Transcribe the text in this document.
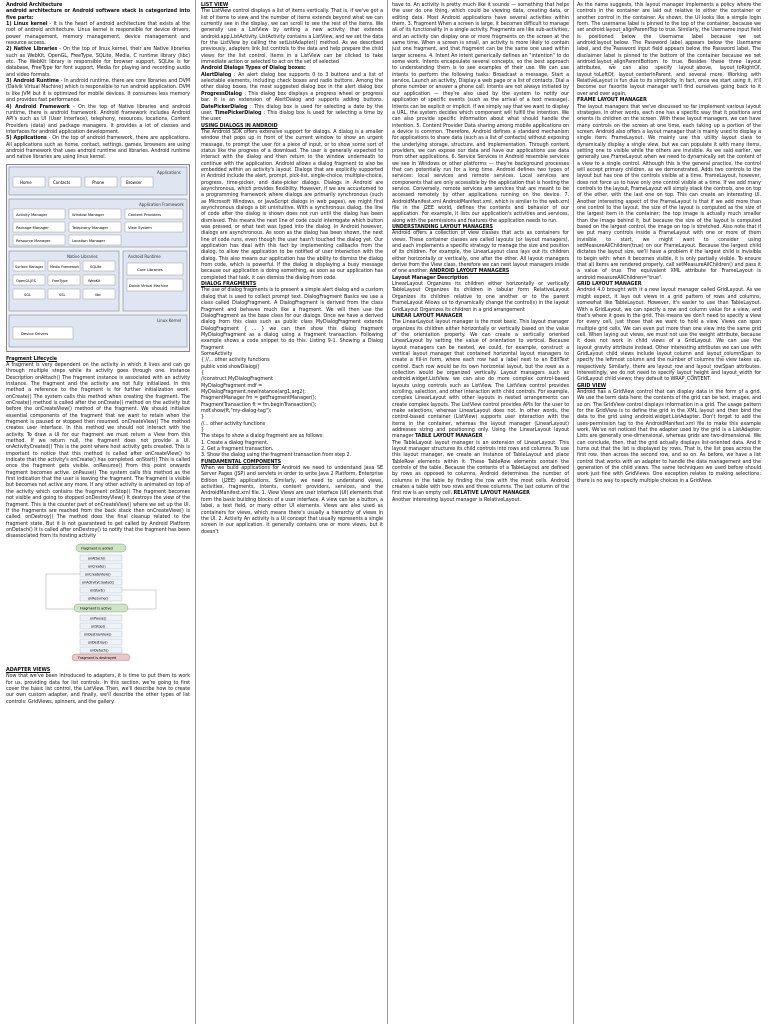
Android Architecture

android architecture or Android software stack is categorized into five parts:

1) Linux kernel - It is the heart of android architecture that exists at the root of android architecture. Linux kernel is responsible for device drivers, power management, memory management, device management and resource access.

2) Native Libraries - On the top of linux kernel, their are Native libraries such as WebKit, OpenGL, FreeType, SQLite, Media, C runtime library (libc) etc. The WebKit library is responsible for browser support, SQLite is for database, FreeType for font support, Media for playing and recording audio and video formats.

3) Android Runtime - In android runtime, there are core libraries and DVM (Dalvik Virtual Machine) which is responsible to run android application. DVM is like JVM but it is optimized for mobile devices. It consumes less memory and provides fast performance.

4) Android Framework - On the top of Native libraries and android runtime, there is android framework. Android framework includes Android API's such as UI (User Interface), telephony, resources, locations, Content Providers (data) and package managers. It provides a lot of classes and interfaces for android application development.

5) Applications - On the top of android framework, there are applications. All applications such as home, contact, settings, games, browsers are using android framework that uses android runtime and libraries. Android runtime and native libraries are using linux kernel.

Applications
Home	Contacts	Phone	Browser
Application Framework
Activity Manager	Window Manager	Content Providers
Package Manager	Telephony Manager	View System
Resource Manager	Location Manager
Native Libraries
Surface Manager Media Framework	SQLite
OpenGL|ES	FreeType	WebKit
SGL	SSL	libc
Android Runtime
Core Libraries
Dalvik Virtual Machine
Linux Kernel
Device Drivers

Fragment Lifecycle

A fragment is very dependent on the activity in which it lives and can go through multiple steps while its activity goes through one. Instance Description onAttach() The fragment instance is associated with an activity instance. The fragment and the activity are not fully initialized. In this method a reference to the fragment is for further initialization work. onCreate() The system calls this method when creating the fragment. The onCreate() method is called after the onCreate() method on the activity but before the onCreateView() method of the fragment. We should initialize essential components of the fragment that we want to retain when the fragment is paused or stopped then resumed. onCreateView() The method creates user interface. In this method we should not interact with the activity. To draw a UI for our fragment we must return a View from this method. If we return null, the fragment does not provide a UI. onActivityCreated() This is the point where host activity gets created. This is important to notice that this method is called after onCreateView() to indicate that the activity's onCreate() has completed. onStart() This is called once the fragment gets visible. onResume() From this point onwards fragment becomes active. onPause() The system calls this method as the first indication that the user is leaving the fragment. The fragment is visible but becomes not active any more. If any other activity is animated on top of the activity which contains the fragment onStop() The fragment becomes not visible and going to stopped onDestroyView() It destroys the view of the fragment. This is the counter part of onCreateView() where we set up the UI. If the fragments are reached from the back stack then onCreateView() is called. onDestroy() The method does the final cleanup related to the fragment state. But it is not guaranteed to get called by Android Platform onDetach() It is called after onDestroy() to notify that the fragment has been disassociated from its hosting activity

Fragment is added
onAttach()
onCreate()
onCreateView()
onActivityCreated()
onStart()
onResume()
Fragment is active
onPause()
onStop()
onDestroyView()
onDestroy()
onDetach()
Fragment is destroyed

ADAPTER VIEWS

Now that we've been introduced to adapters, it is time to put them to work for us, providing data for list controls. In this section, we're going to first cover the basic list control, the ListView. Then, we'll describe how to create our own custom adapter, and finally, we'll describe the other types of list controls: GridViews, spinners, and the gallery.

LIST VIEW

The ListView control displays a list of items vertically. That is, if we've got a list of items to view and the number of items extends beyond what we can currently see in the display, we can scroll to see the rest of the items. We generally use a ListView by writing a new activity that extends android.app.ListActivity. ListActivity contains a ListView, and we set the data for the ListView by calling the setListAdapter() method. As we described previously, adapters link list controls to the data and help prepare the child views for the list control. Items in a ListView can be clicked to take immediate action or selected to act on the set of selected

Android Dialogs Types of Dialog boxes:

AlertDialog : An alert dialog box supports 0 to 3 buttons and a list of selectable elements, including check boxes and radio buttons. Among the other dialog boxes, the most suggested dialog box in the alert dialog box ProgressDialog : This dialog box displays a progress wheel or progress bar. It is an extension of AlertDialog and supports adding buttons. DatePickerDialog : This dialog box is used for selecting a date by the user. TimePickerDialog : This dialog box is used for selecting a time by the user.

USING DIALOGS IN ANDROID

The Android SDK offers extensive support for dialogs. A dialog is a smaller window that pops up in front of the current window to show an urgent message, to prompt the user for a piece of input, or to show some sort of status like the progress of a download. The user is generally expected to interact with the dialog and then return to the window underneath to continue with the application. Android allows a dialog fragment to also be embedded within an activity's layout. Dialogs that are explicitly supported in Android include the alert, prompt, pick-list, single-choice, multiple-choice, progress, time-picker, and date-picker dialogs. Dialogs in Android are asynchronous, which provides flexibility. However, if we are accustomed to a programming framework where dialogs are primarily synchronous (such as Microsoft Windows, or JavaScript dialogs in web pages), we might find asynchronous dialogs a bit unintuitive. With a synchronous dialog, the line of code after the dialog is shown does not run until the dialog has been dismissed. This means the next line of code could interrogate which button was pressed, or what text was typed into the dialog. In Android however, dialogs are asynchronous. As soon as the dialog has been shown, the next line of code runs, even though the user hasn't touched the dialog yet. Our application has deal with this fact by implementing callbacks from the dialog, to allow the application to be notified of user interaction with the dialog. This also means our application has the ability to dismiss the dialog from code, which is powerful. If the dialog is displaying a busy message because our application is doing something, as soon as our application has completed that task, it can dismiss the dialog from code.

DIALOG FRAGMENTS

The use of dialog fragments is to present a simple alert dialog and a custom dialog that is used to collect prompt text. DialogFragment Basics we use a class called DialogFragment. A DialogFragment is derived from the class Fragment and behaves much like a fragment. We will then use the DialogFragment as the base class for our dialogs. Once we have a derived dialog from this class such as public class MyDialogFragment extends DialogFragment { ... } we can then show this dialog fragment MyDialogFragment as a dialog using a fragment transaction. Following example shows a code snippet to do this. Listing 9-1. Showing a Dialog Fragment

SomeActivity

{ //... other activity functions

public void showDialog()

{

//construct MyDialogFragment

MyDialogFragment mdf =

MyDialogFragment.newInstance(arg1,arg2);

FragmentManager fm = getFragmentManager();

FragmentTransaction ft = fm.beginTransaction();

mdf.show(ft,"my-dialog-tag");

}

//... other activity functions

}

The steps to show a dialog fragment are as follows:

1. Create a dialog fragment.

2. Get a fragment transaction.

3. Show the dialog using the fragment transaction from step 2.

FUNDAMENTAL COMPONENTS

When we build applications for Android we need to understand Java SE Server Pages (JSP) and servlets in order to write Java 2 Platform, Enterprise Edition (J2EE) applications. Similarly, we need to understand views, activities, fragments, intents, content providers, services, and the AndroidManifest.xml file. 1. View Views are user interface (UI) elements that form the basic building blocks of a user interface. A view can be a button, a label, a text field, or many other UI elements. Views are also used as containers for views, which means there's usually a hierarchy of views in the UI. 2. Activity An activity is a UI concept that usually represents a single screen in our application. It generally contains one or more views, but it doesn't

have to. An activity is pretty much like it sounds — something that helps the user do one thing, which could be viewing data, creating data, or editing data. Most Android applications have several activities within them. 3. Fragment When a screen is large, it becomes difficult to manage all of its functionality in a single activity. Fragments are like sub-activities, and an activity can display one or more fragments on the screen at the same time. When a screen is small, an activity is more likely to contain just one fragment, and that fragment can be the same one used within larger screens. 4. Intent An intent generically defines an "intention" to do some work. Intents encapsulate several concepts, so the best approach to understanding them is to see examples of their use. We can use intents to perform the following tasks: Broadcast a message, Start a service, Launch an activity, Display a web page or a list of contacts, Dial a phone number or answer a phone call. Intents are not always initiated by our application — they're also used by the system to notify our application of specific events (such as the arrival of a text message). Intents can be explicit or implicit. If we simply say that we want to display a URL, the system decides which component will fulfill the intention. We can also provide specific information about what should handle the intention. 5. Content Provider Data sharing among mobile applications on a device is common. Therefore, Android defines a standard mechanism for applications to share data (such as a list of contacts) without exposing the underlying storage, structure, and implementation. Through content providers, we can expose our data and have our applications use data from other applications. 6. Service Services in Android resemble services we see in Windows or other platforms — they're background processes that can potentially run for a long time. Android defines two types of services: local services and remote services. Local services are components that are only accessible by the application that is hosting the service. Conversely, remote services are services that are meant to be accessed remotely by other applications running on the device. 7. AndroidManifest.xml AndroidManifest.xml, which is similar to the web.xml file in the J2EE world, defines the contents and behavior of our application. For example, it lists our application's activities and services, along with the permissions and features the application needs to run.

UNDERSTANDING LAYOUT MANAGERS

Android offers a collection of view classes that acts as containers for views. These container classes are called layouts (or layout managers), and each implements a specific strategy to manage the size and position of its children. For example, the LinearLayout class lays out its children either horizontally or vertically, one after the other. All layout managers derive from the View class, therefore we can nest layout managers inside of one another. ANDROID LAYOUT MANAGERS

Layout Manager Description

LinearLayout Organizes its children either horizontally or vertically TableLayout Organizes its children in tabular form RelativeLayout Organizes its children relative to one another or to the parent FrameLayout Allows us to dynamically change the control(s) in the layout GridLayout Organizes its children in a grid arrangement

LINEAR LAYOUT MANAGER

The LinearLayout layout manager is the most basic. This layout manager organizes its children either horizontally or vertically based on the value of the orientation property. We can create a vertically oriented LinearLayout by setting the value of orientation to vertical. Because layout managers can be nested, we could, for example, construct a vertical layout manager that contained horizontal layout managers to create a fill-in form, where each row had a label next to an EditText control. Each row would be its own horizontal layout, but the rows as a collection would be organized vertically. Layout managers such as android.widget.ListView. we can also do more complex control-based layouts using controls such as ListView. The ListView control provides scrolling, selection, and other interaction with child controls. For example, complex LinearLayout with other layouts in nested arrangements can create complex layouts. The ListView control provides APIs for the user to make selections, whereas LinearLayout does not. In other words, the control-based container (ListView) supports user interaction with the items in the container, whereas the layout manager (LinearLayout) addresses sizing and positioning only. Using the LinearLayout layout manager TABLE LAYOUT MANAGER

The TableLayout layout manager is an extension of LinearLayout. This layout manager structures its child controls into rows and columns. To use this layout manager, we create an instance of TableLayout and place TableRow elements within it. These TableRow elements contain the controls of the table. Because the contents of a TableLayout are defined by rows as opposed to columns, Android determines the number of columns in the table by finding the row with the most cells. Android creates a table with two rows and three columns. The last column of the first row is an empty cell. RELATIVE LAYOUT MANAGER

Another interesting layout manager is RelativeLayout.

As the name suggests, this layout manager implements a policy where the controls in the container are laid out relative to either the container or another control in the container. As shown, the UI looks like a simple login form. The username label is pinned to the top of the container, because we set android:layout_alignParentTop to true. Similarly, the Username input field is positioned below the Username label because we set android:layout_below. The Password label appears below the Username label, and the Password input field appears below the Password label. The disclaimer label is pinned to the bottom of the container because we set android:layout_alignParentBottom to true. Besides these three layout attributes, we can also specify layout_above, layout_toRightOf, layout_toLeftOf, layout_centerInParent, and several more. Working with RelativeLayout is fun due to its simplicity. In fact, once we start using it, it'll become our favorite layout manager we'll find ourselves going back to it over and over again.

FRAME LAYOUT MANAGER

The layout managers that we've discussed so far implement various layout strategies. In other words, each one has a specific way that it positions and orients its children on the screen. With these layout managers, we can have many controls on the screen at one time, each taking up a portion of the screen. Android also offers a layout manager that is mainly used to display a single item: FrameLayout. We mainly use this utility layout class to dynamically display a single view, but we can populate it with many items, setting one to visible while the others are invisible. As we said earlier, we generally use FrameLayout when we need to dynamically set the content of a view to a single control. Although this is the general practice, the control will accept primary children, as we demonstrated. Adds two controls to the layout but has one of the controls visible at a time. FrameLayout, however, does not force us to have only one control visible at a time. If we add many controls to the layout, FrameLayout will simply stack the controls, one on top of the other, with the last one on top. This can create an interesting UI. Another interesting aspect of the FrameLayout is that if we add more than one control to the layout, the size of the layout is computed as the size of the largest item in the container; the top image is actually much smaller than the image behind it, but because the size of the layout is computed based on the largest control, the image on top is stretched. Also note that if we put many controls inside a FrameLayout with one or more of them invisible to start, we might want to consider using setMeasureAllChildren(true) on our FrameLayout. Because the largest child dictates the layout size, we'll have a problem if the largest child is invisible to begin with: when it becomes visible, it is only partially visible. To ensure that all items are rendered properly, call setMeasureAllChildren() and pass it a value of true. The equivalent XML attribute for FrameLayout is android:measureAllChildren="true".

GRID LAYOUT MANAGER

Android 4.0 brought with it a new layout manager called GridLayout. As we might expect, it lays out views in a grid pattern of rows and columns, somewhat like TableLayout. However, it's easier to use than TableLayout. With a GridLayout, we can specify a row and column value for a view, and that's where it goes in the grid. This means we don't need to specify a view for every cell, just those that we want to hold a view. Views can span multiple grid cells. We can even put more than one view into the same grid cell. When laying out views, we must not use the weight attribute, because it does not work in child views of a GridLayout. We can use the layout_gravity attribute instead. Other interesting attributes we can use with GridLayout child views include layout_column and layout_columnSpan to specify the leftmost column and the number of columns the view takes up, respectively. Similarly, there are layout_row and layout_rowSpan attributes. Interestingly, we do not need to specify layout_height and layout_width for GridLayout child views; they default to WRAP_CONTENT.

GRID VIEW

Android has a GridView control that can display data in the form of a grid. We use the term data here; the contents of the grid can be text, images, and so on. The GridView control displays information in a grid. The usage pattern for the GridView is to define the grid in the XML layout and then bind the data to the grid using android.widget.ListAdapter. Don't forget to add the uses-permission tag to the AndroidManifest.xml file to make this example work. We've not noticed that the adapter used by the grid is a ListAdapter. Lists are generally one-dimensional, whereas grids are two-dimensional. We can conclude, then, that the grid actually displays list-oriented data. And it turns out that the list is displayed by rows. That is, the list goes across the first row, then across the second row, and so on. As before, we have a list control that works with an adapter to handle the data management and the generation of the child views. The same techniques we used before should work just fine with GridViews. One exception relates to making selections: there is no way to specify multiple choices in a GridView.
